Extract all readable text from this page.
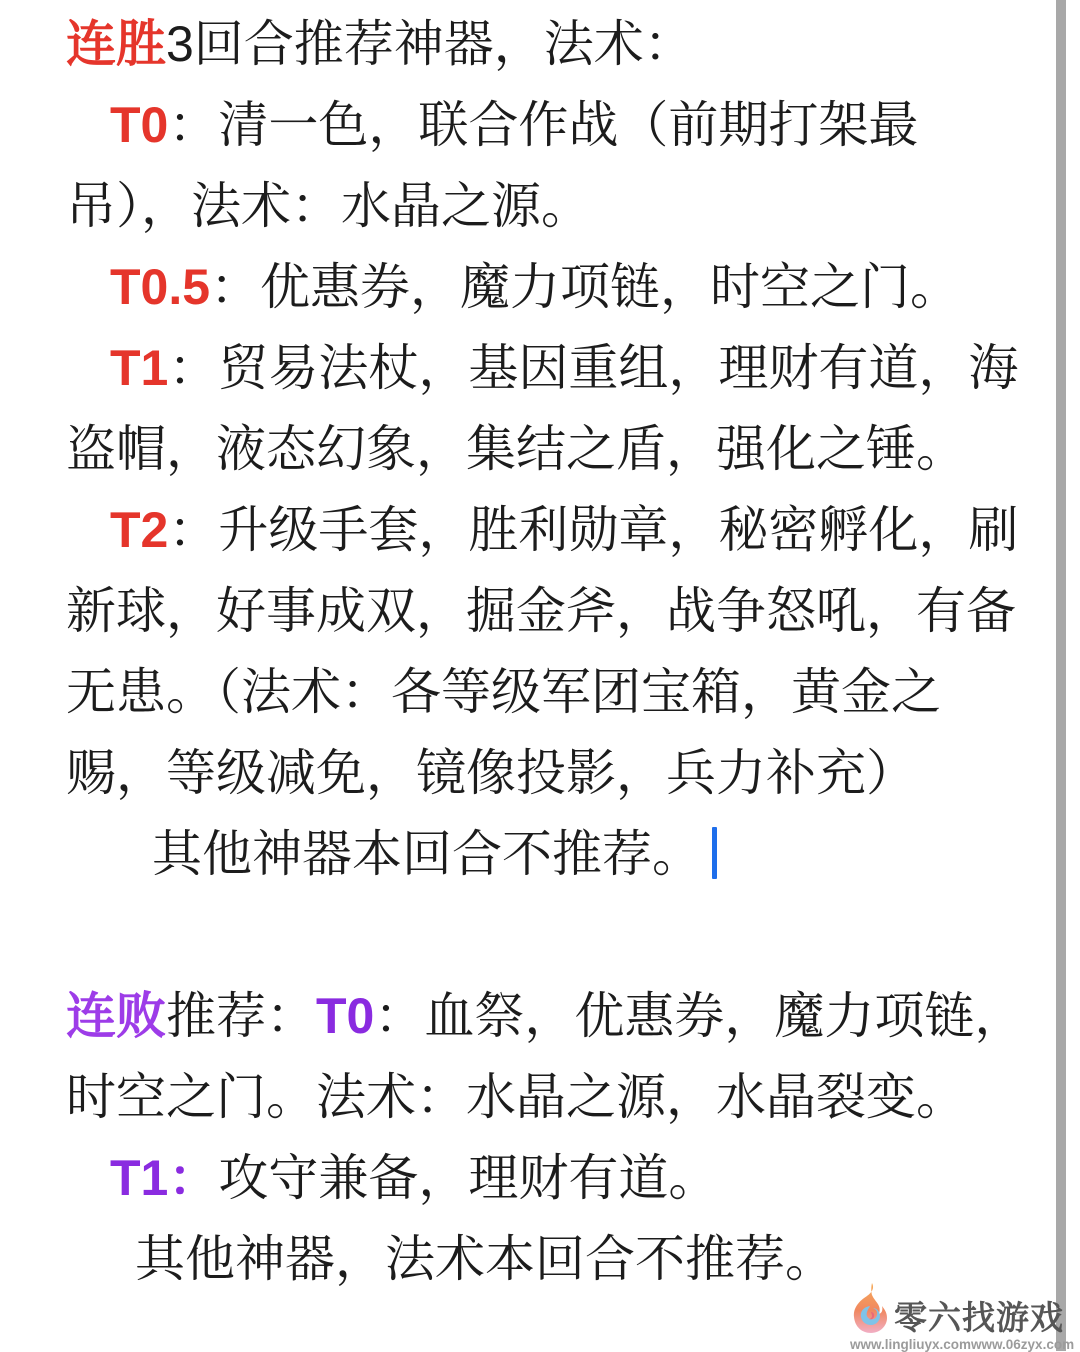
连胜3回合推荐神器，法术：
T0：清一色，联合作战（前期打架最
吊），法术：水晶之源。
T0.5：优惠券，魔力项链，时空之门。
T1：贸易法杖，基因重组，理财有道，海
盗帽，液态幻象，集结之盾，强化之锤。
T2：升级手套，胜利勋章，秘密孵化，刷
新球，好事成双，掘金斧，战争怒吼，有备
无患。（法术：各等级军团宝箱，黄金之
赐，等级减免，镜像投影，兵力补充）
其他神器本回合不推荐。

连败推荐：T0：血祭，优惠券，魔力项链，
时空之门。法术：水晶之源，水晶裂变。
T1：攻守兼备，理财有道。
其他神器，法术本回合不推荐。
零六找游戏
www.lingliuyx.com www.06zyx.com
